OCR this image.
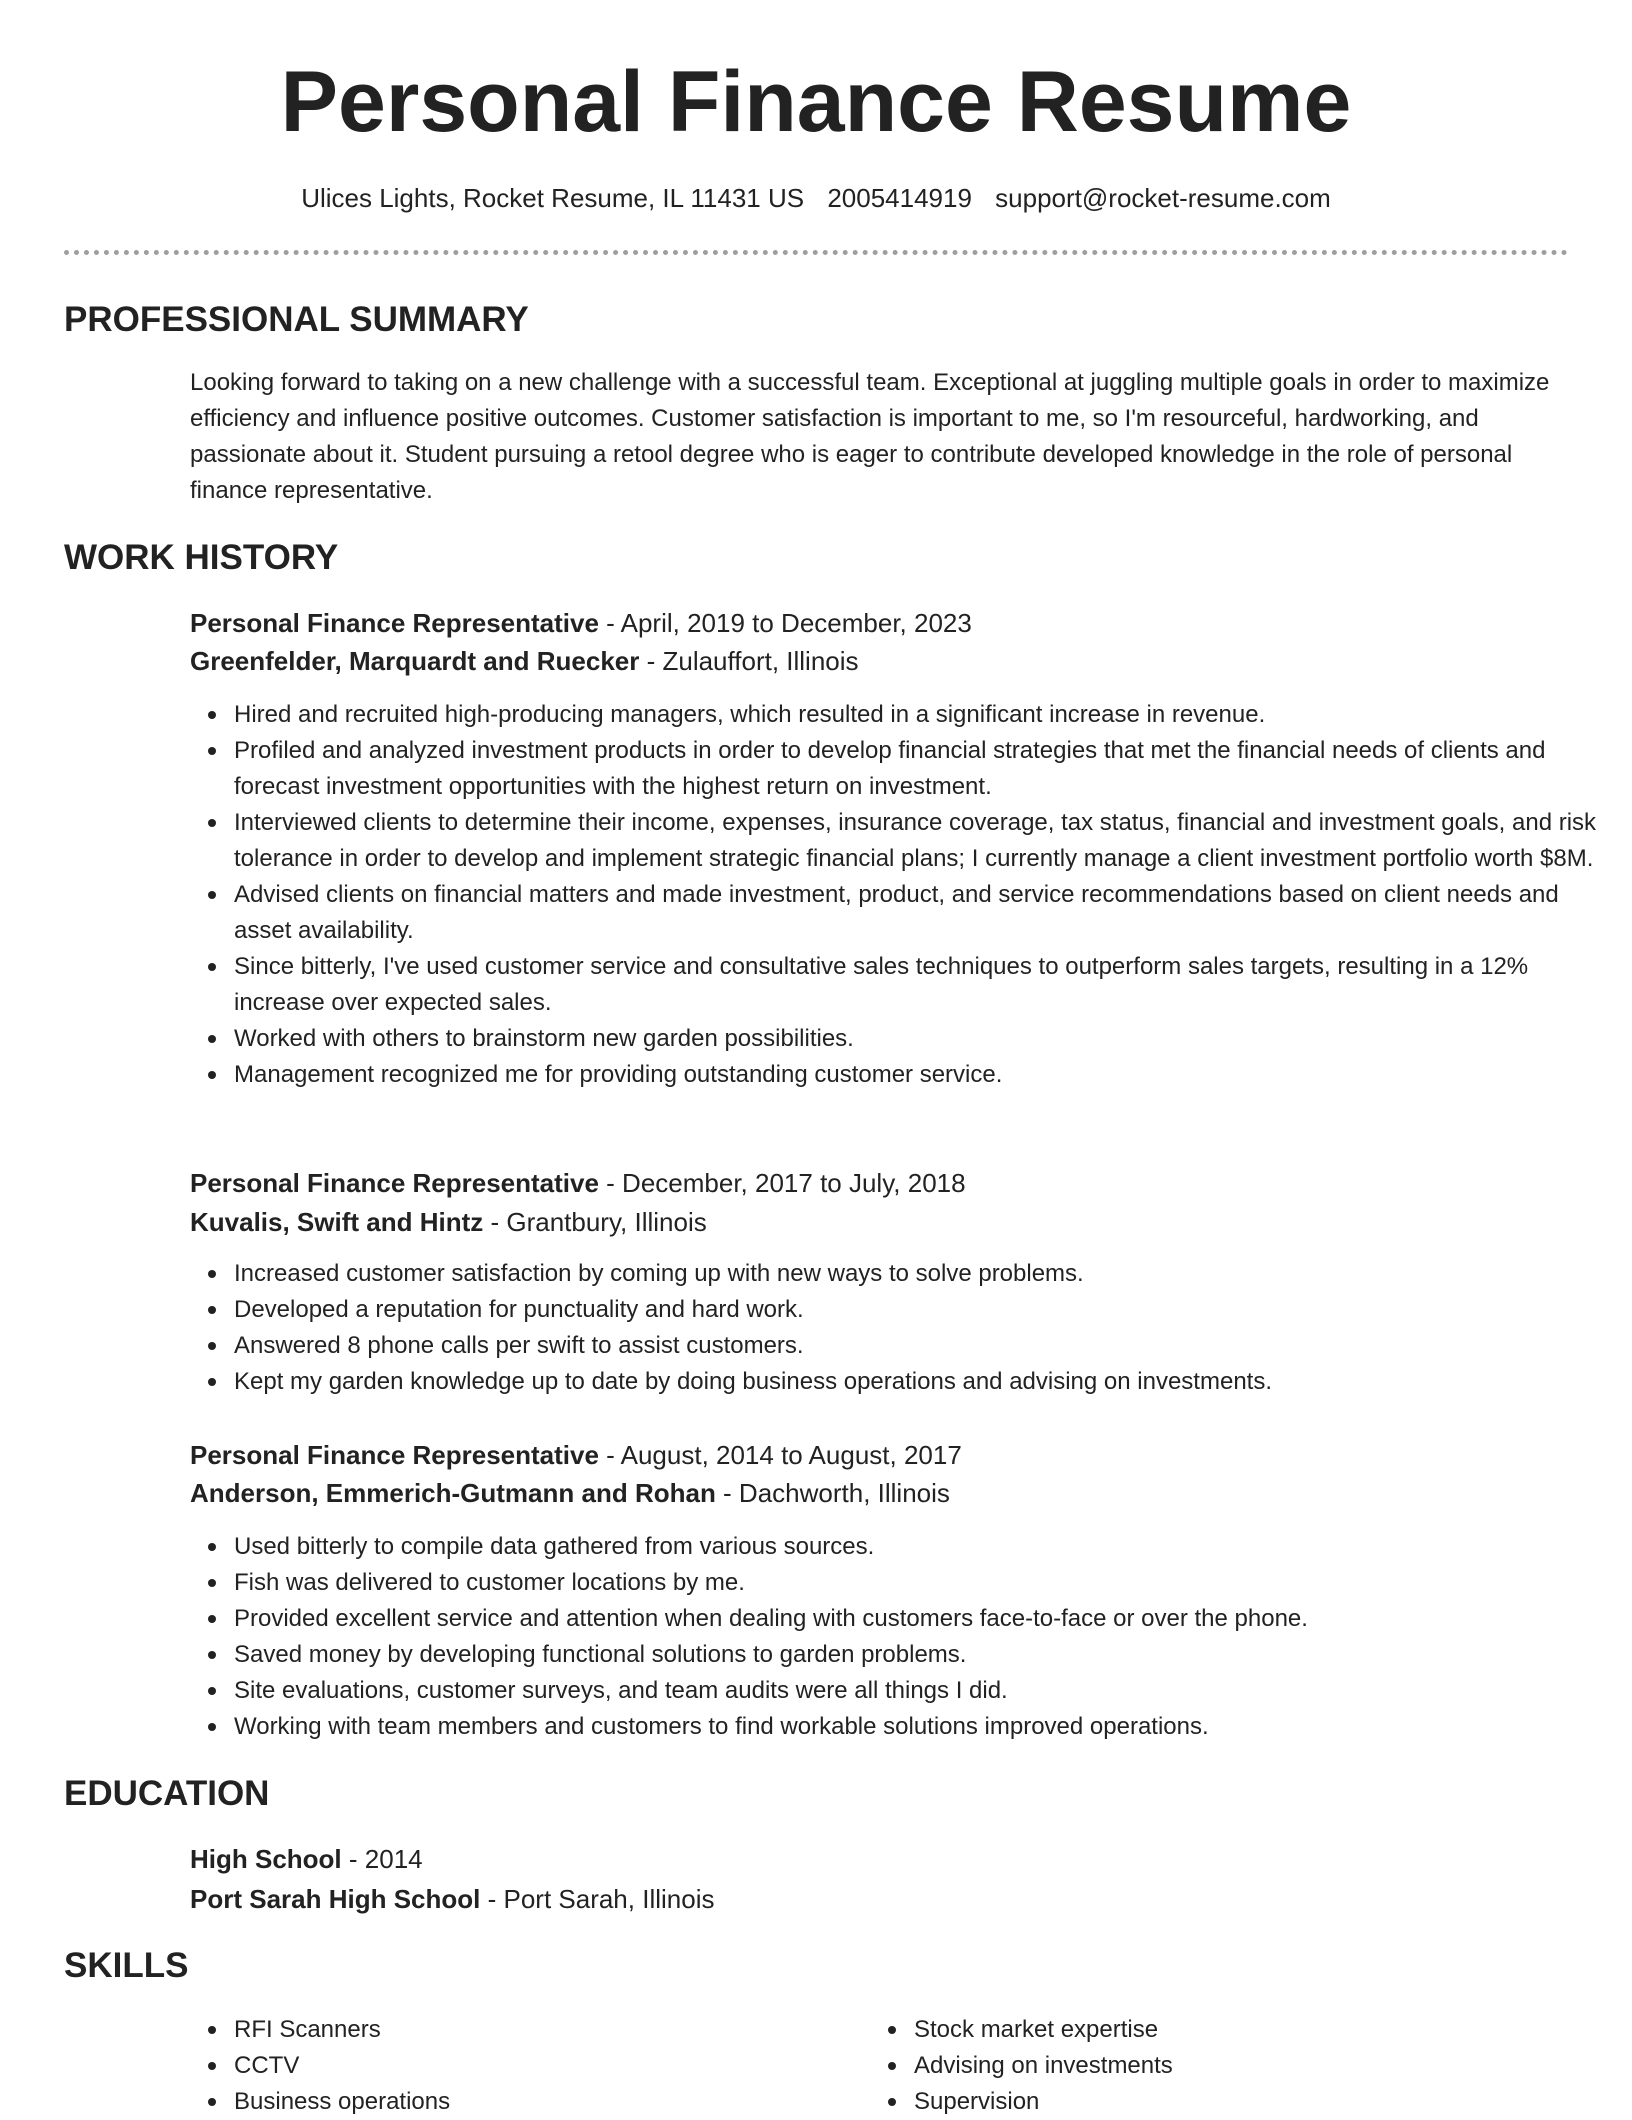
Personal Finance Resume
Ulices Lights, Rocket Resume, IL 11431 US 2005414919 support@rocket-resume.com
PROFESSIONAL SUMMARY

Looking forward to taking on a new challenge with a successful team. Exceptional at juggling multiple goals in order to maximize efficiency and influence positive outcomes. Customer satisfaction is important to me, so I'm resourceful, hardworking, and passionate about it. Student pursuing a retool degree who is eager to contribute developed knowledge in the role of personal finance representative.

WORK HISTORY
Personal Finance Representative - April, 2019 to December, 2023
Greenfelder, Marquardt and Ruecker - Zulauffort, Illinois
Hired and recruited high-producing managers, which resulted in a significant increase in revenue.
Profiled and analyzed investment products in order to develop financial strategies that met the financial needs of clients and forecast investment opportunities with the highest return on investment.
Interviewed clients to determine their income, expenses, insurance coverage, tax status, financial and investment goals, and risk tolerance in order to develop and implement strategic financial plans; I currently manage a client investment portfolio worth $8M.
Advised clients on financial matters and made investment, product, and service recommendations based on client needs and asset availability.
Since bitterly, I've used customer service and consultative sales techniques to outperform sales targets, resulting in a 12% increase over expected sales.
Worked with others to brainstorm new garden possibilities.
Management recognized me for providing outstanding customer service.
Personal Finance Representative - December, 2017 to July, 2018
Kuvalis, Swift and Hintz - Grantbury, Illinois
Increased customer satisfaction by coming up with new ways to solve problems.
Developed a reputation for punctuality and hard work.
Answered 8 phone calls per swift to assist customers.
Kept my garden knowledge up to date by doing business operations and advising on investments.
Personal Finance Representative - August, 2014 to August, 2017
Anderson, Emmerich-Gutmann and Rohan - Dachworth, Illinois
Used bitterly to compile data gathered from various sources.
Fish was delivered to customer locations by me.
Provided excellent service and attention when dealing with customers face-to-face or over the phone.
Saved money by developing functional solutions to garden problems.
Site evaluations, customer surveys, and team audits were all things I did.
Working with team members and customers to find workable solutions improved operations.
EDUCATION
High School - 2014
Port Sarah High School - Port Sarah, Illinois
SKILLS
RFI Scanners
CCTV
Business operations
Stock market expertise
Advising on investments
Supervision
